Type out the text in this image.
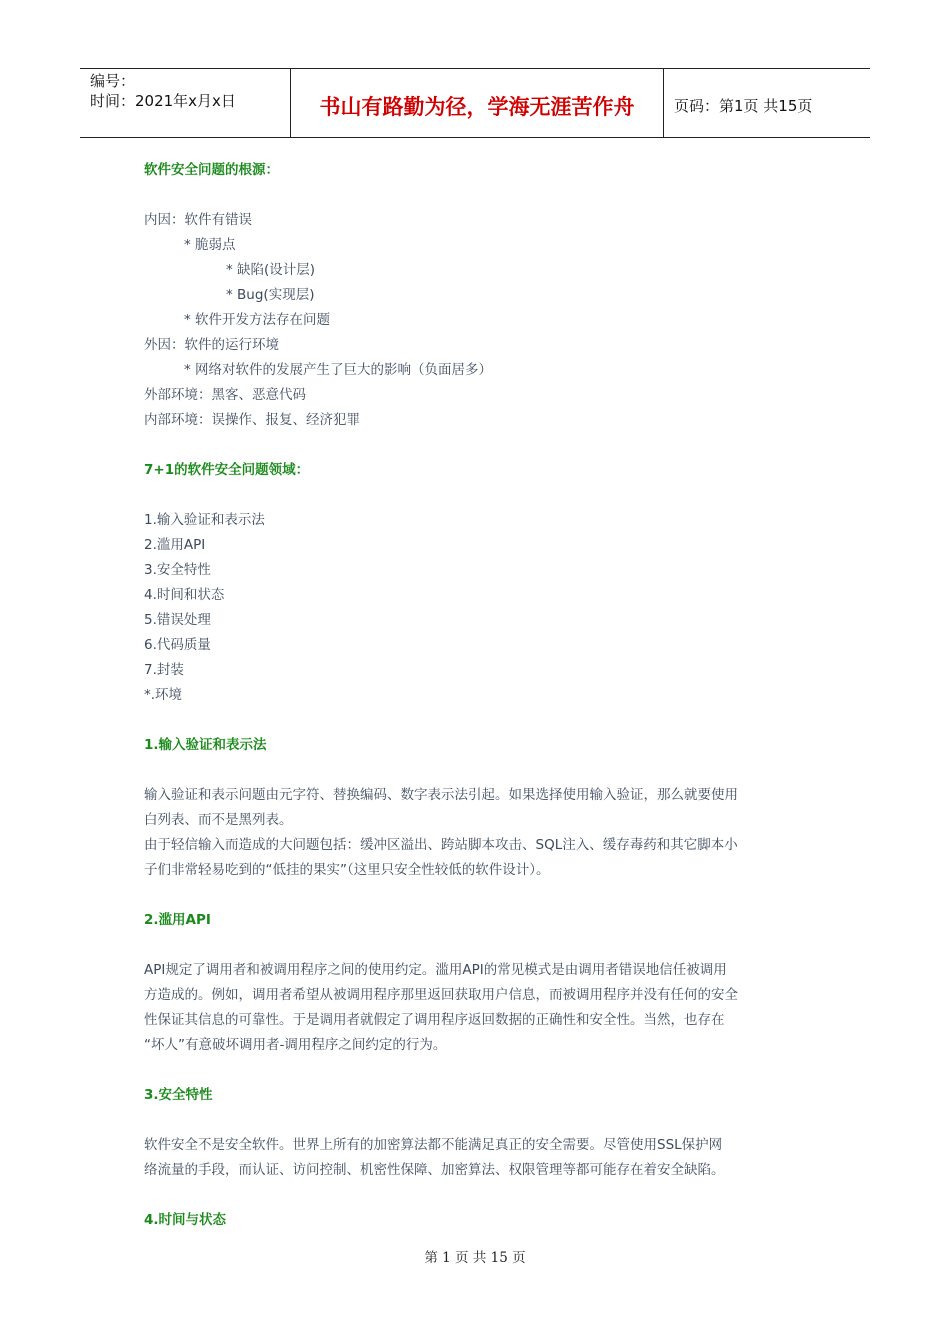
编号：
时间：2021年x月x日	书山有路勤为径，学海无涯苦作舟	页码：第1页 共15页
软件安全问题的根源：
内因：软件有错误
* 脆弱点
* 缺陷(设计层)
* Bug(实现层)
* 软件开发方法存在问题
外因：软件的运行环境
* 网络对软件的发展产生了巨大的影响（负面居多）
外部环境：黑客、恶意代码
内部环境：误操作、报复、经济犯罪
7+1的软件安全问题领域：
1.输入验证和表示法
2.滥用API
3.安全特性
4.时间和状态
5.错误处理
6.代码质量
7.封装
*.环境
1.输入验证和表示法
输入验证和表示问题由元字符、替换编码、数字表示法引起。如果选择使用输入验证，那么就要使用
白列表、而不是黑列表。
由于轻信输入而造成的大问题包括：缓冲区溢出、跨站脚本攻击、SQL注入、缓存毒药和其它脚本小
子们非常轻易吃到的“低挂的果实”（这里只安全性较低的软件设计）。
2.滥用API
API规定了调用者和被调用程序之间的使用约定。滥用API的常见模式是由调用者错误地信任被调用
方造成的。例如，调用者希望从被调用程序那里返回获取用户信息，而被调用程序并没有任何的安全
性保证其信息的可靠性。于是调用者就假定了调用程序返回数据的正确性和安全性。当然，也存在
“坏人”有意破坏调用者-调用程序之间约定的行为。
3.安全特性
软件安全不是安全软件。世界上所有的加密算法都不能满足真正的安全需要。尽管使用SSL保护网
络流量的手段，而认证、访问控制、机密性保障、加密算法、权限管理等都可能存在着安全缺陷。
4.时间与状态
第 1 页 共 15 页
